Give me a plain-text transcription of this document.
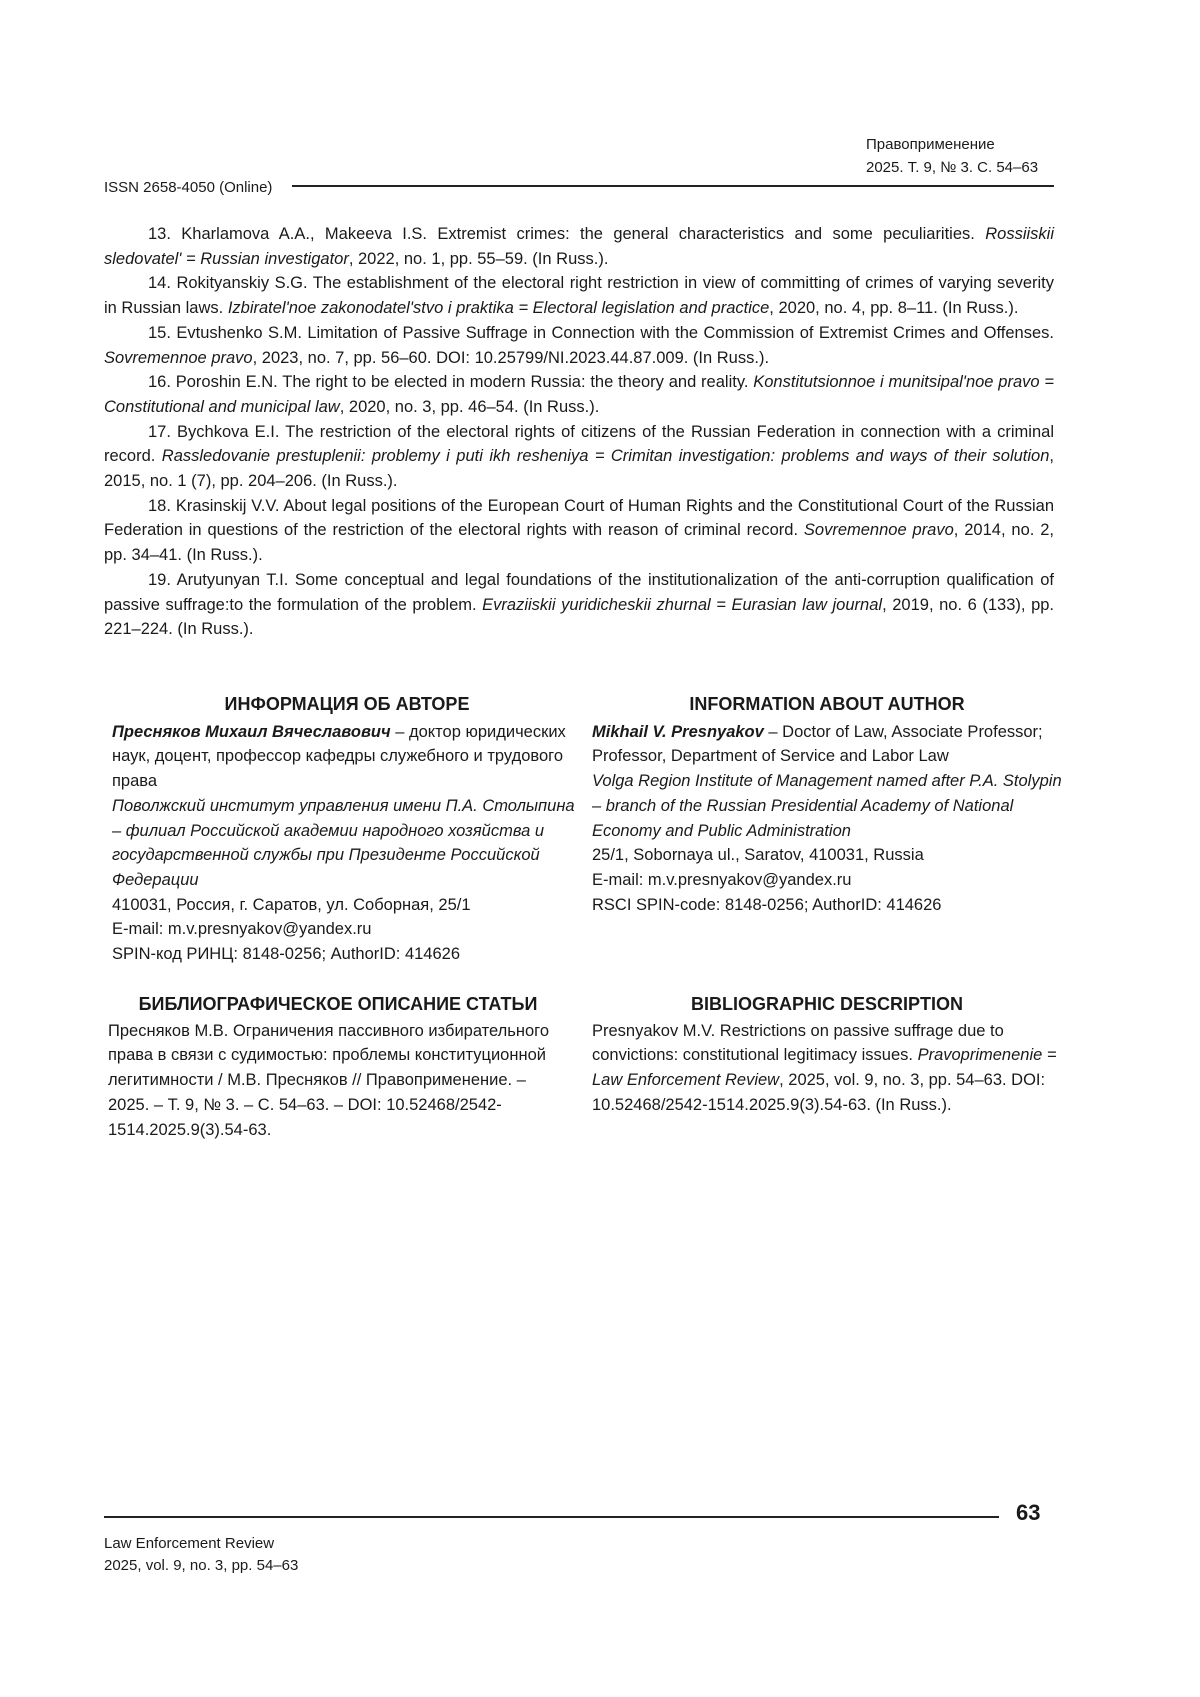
Правоприменение
2025. Т. 9, № 3. С. 54–63
ISSN 2658-4050 (Online)

13. Kharlamova A.A., Makeeva I.S. Extremist crimes: the general characteristics and some peculiarities. Rossiiskii sledovatel' = Russian investigator, 2022, no. 1, pp. 55–59. (In Russ.).

14. Rokityanskiy S.G. The establishment of the electoral right restriction in view of committing of crimes of varying severity in Russian laws. Izbiratel'noe zakonodatel'stvo i praktika = Electoral legislation and practice, 2020, no. 4, pp. 8–11. (In Russ.).

15. Evtushenko S.M. Limitation of Passive Suffrage in Connection with the Commission of Extremist Crimes and Offenses. Sovremennoe pravo, 2023, no. 7, pp. 56–60. DOI: 10.25799/NI.2023.44.87.009. (In Russ.).

16. Poroshin E.N. The right to be elected in modern Russia: the theory and reality. Konstitutsionnoe i munitsipal'noe pravo = Constitutional and municipal law, 2020, no. 3, pp. 46–54. (In Russ.).

17. Bychkova E.I. The restriction of the electoral rights of citizens of the Russian Federation in connection with a criminal record. Rassledovanie prestuplenii: problemy i puti ikh resheniya = Crimitan investigation: problems and ways of their solution, 2015, no. 1 (7), pp. 204–206. (In Russ.).

18. Krasinskij V.V. About legal positions of the European Court of Human Rights and the Constitutional Court of the Russian Federation in questions of the restriction of the electoral rights with reason of criminal record. Sovremennoe pravo, 2014, no. 2, pp. 34–41. (In Russ.).

19. Arutyunyan T.I. Some conceptual and legal foundations of the institutionalization of the anti-corruption qualification of passive suffrage:to the formulation of the problem. Evraziiskii yuridicheskii zhurnal = Eurasian law journal, 2019, no. 6 (133), pp. 221–224. (In Russ.).

ИНФОРМАЦИЯ ОБ АВТОРЕ

Пресняков Михаил Вячеславович – доктор юридических наук, доцент, профессор кафедры служебного и трудового права

Поволжский институт управления имени П.А. Столыпина – филиал Российской академии народного хозяйства и государственной службы при Президенте Российской Федерации

410031, Россия, г. Саратов, ул. Соборная, 25/1

E-mail: m.v.presnyakov@yandex.ru

SPIN-код РИНЦ: 8148-0256; AuthorID: 414626

INFORMATION ABOUT AUTHOR

Mikhail V. Presnyakov – Doctor of Law, Associate Professor; Professor, Department of Service and Labor Law

Volga Region Institute of Management named after P.A. Stolypin – branch of the Russian Presidential Academy of National Economy and Public Administration

25/1, Sobornaya ul., Saratov, 410031, Russia

E-mail: m.v.presnyakov@yandex.ru

RSCI SPIN-code: 8148-0256; AuthorID: 414626

БИБЛИОГРАФИЧЕСКОЕ ОПИСАНИЕ СТАТЬИ

Пресняков М.В. Ограничения пассивного избирательного права в связи с судимостью: проблемы конституционной легитимности / М.В. Пресняков // Правоприменение. – 2025. – Т. 9, № 3. – С. 54–63. – DOI: 10.52468/2542-1514.2025.9(3).54-63.

BIBLIOGRAPHIC DESCRIPTION

Presnyakov M.V. Restrictions on passive suffrage due to convictions: constitutional legitimacy issues. Pravoprimenenie = Law Enforcement Review, 2025, vol. 9, no. 3, pp. 54–63. DOI: 10.52468/2542-1514.2025.9(3).54-63. (In Russ.).

63
Law Enforcement Review
2025, vol. 9, no. 3, pp. 54–63
